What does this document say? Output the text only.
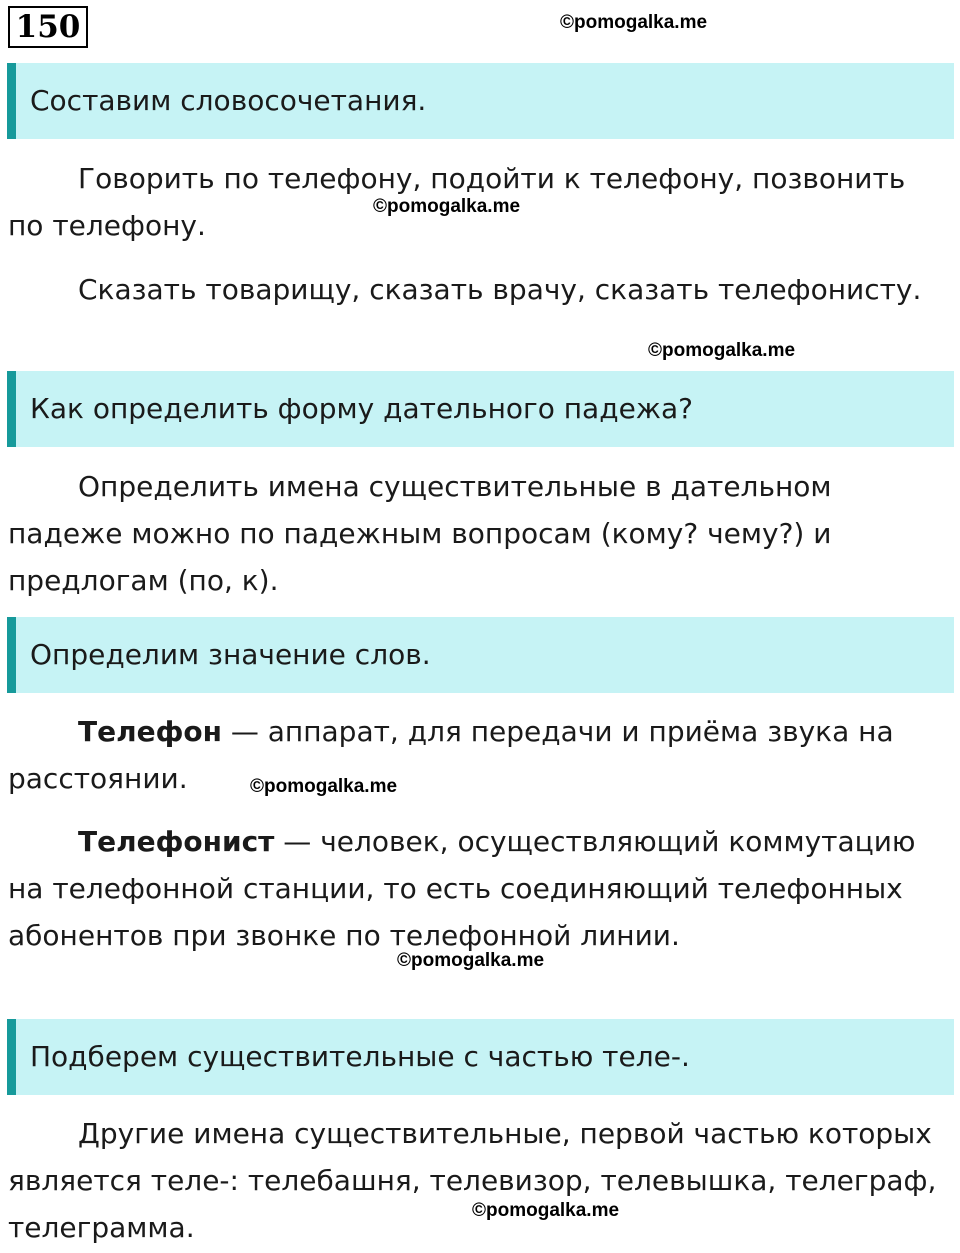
150	©pomogalka.me
Составим словосочетания.
Говорить по телефону, подойти к телефону, позвонить по телефону.
©pomogalka.me
Сказать товарищу, сказать врачу, сказать телефонисту.
©pomogalka.me
Как определить форму дательного падежа?
Определить имена существительные в дательном падеже можно по падежным вопросам (кому? чему?) и предлогам (по, к).
Определим значение слов.
Телефон — аппарат, для передачи и приёма звука на расстоянии.	©pomogalka.me
Телефонист — человек, осуществляющий коммутацию на телефонной станции, то есть соединяющий телефонных абонентов при звонке по телефонной линии.
©pomogalka.me
Подберем существительные с частью теле-.
Другие имена существительные, первой частью которых является теле-: телебашня, телевизор, телевышка, телеграф, телеграмма.
©pomogalka.me
